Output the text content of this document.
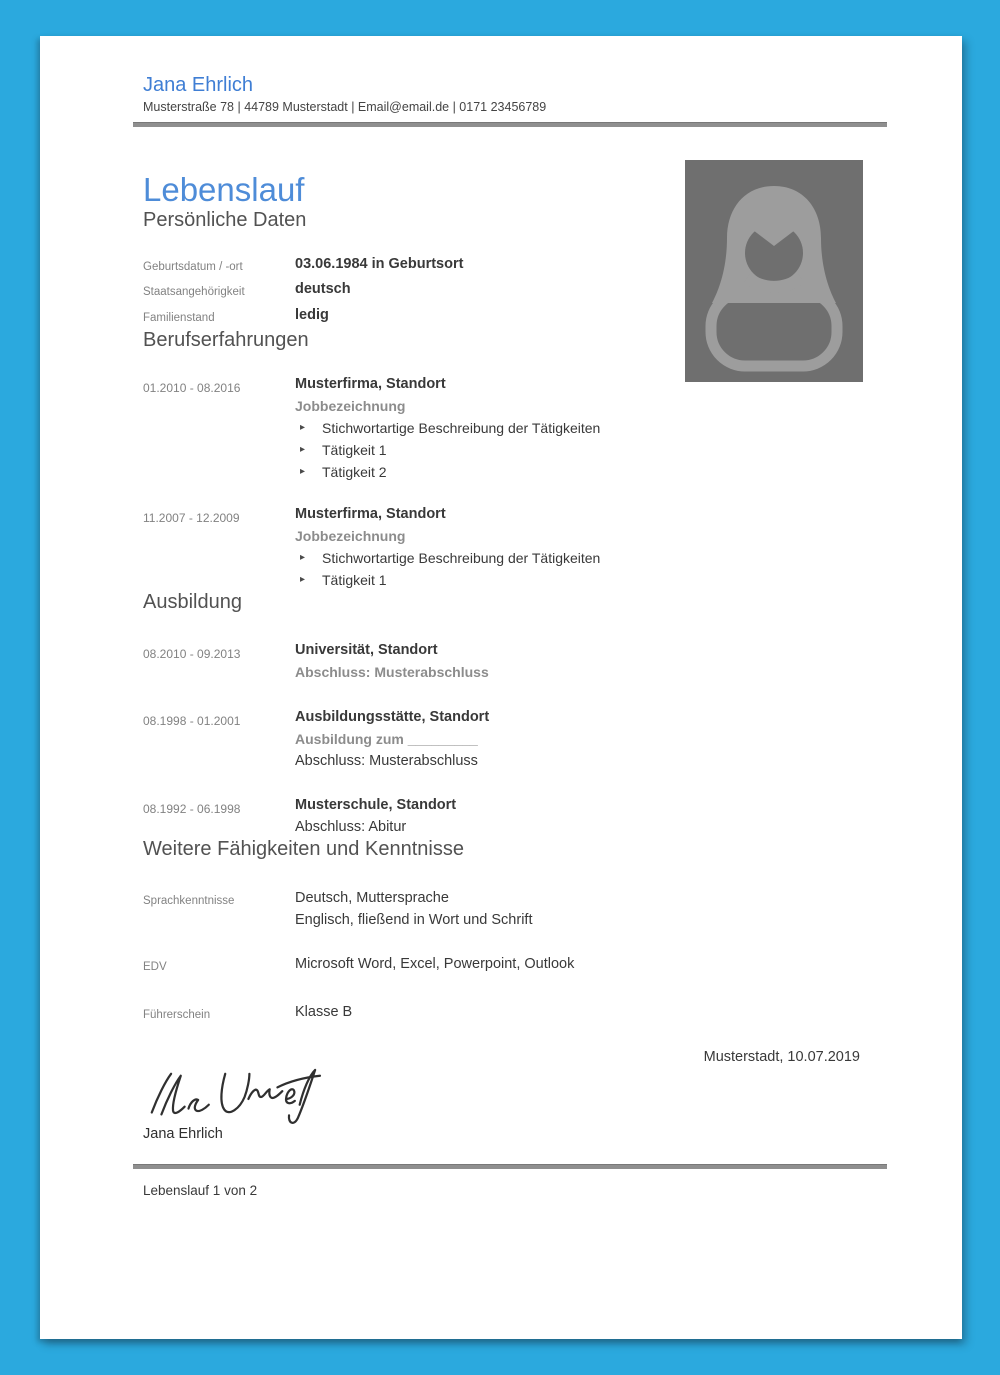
Jana Ehrlich
Musterstraße 78 | 44789 Musterstadt | Email@email.de | 0171 23456789
Lebenslauf
Persönliche Daten
Geburtsdatum / -ort	03.06.1984 in Geburtsort
Staatsangehörigkeit	deutsch
Familienstand	ledig
Berufserfahrungen
01.2010 - 08.2016	Musterfirma, Standort
Jobbezeichnung
▸ Stichwortartige Beschreibung der Tätigkeiten
▸ Tätigkeit 1
▸ Tätigkeit 2
11.2007 - 12.2009	Musterfirma, Standort
Jobbezeichnung
▸ Stichwortartige Beschreibung der Tätigkeiten
▸ Tätigkeit 1
Ausbildung
08.2010 - 09.2013	Universität, Standort
Abschluss: Musterabschluss
08.1998 - 01.2001	Ausbildungsstätte, Standort
Ausbildung zum _________
Abschluss: Musterabschluss
08.1992 - 06.1998	Musterschule, Standort
Abschluss: Abitur
Weitere Fähigkeiten und Kenntnisse
Sprachkenntnisse	Deutsch, Muttersprache
Englisch, fließend in Wort und Schrift
EDV	Microsoft Word, Excel, Powerpoint, Outlook
Führerschein	Klasse B
Musterstadt, 10.07.2019
Jana Ehrlich
Lebenslauf 1 von 2
